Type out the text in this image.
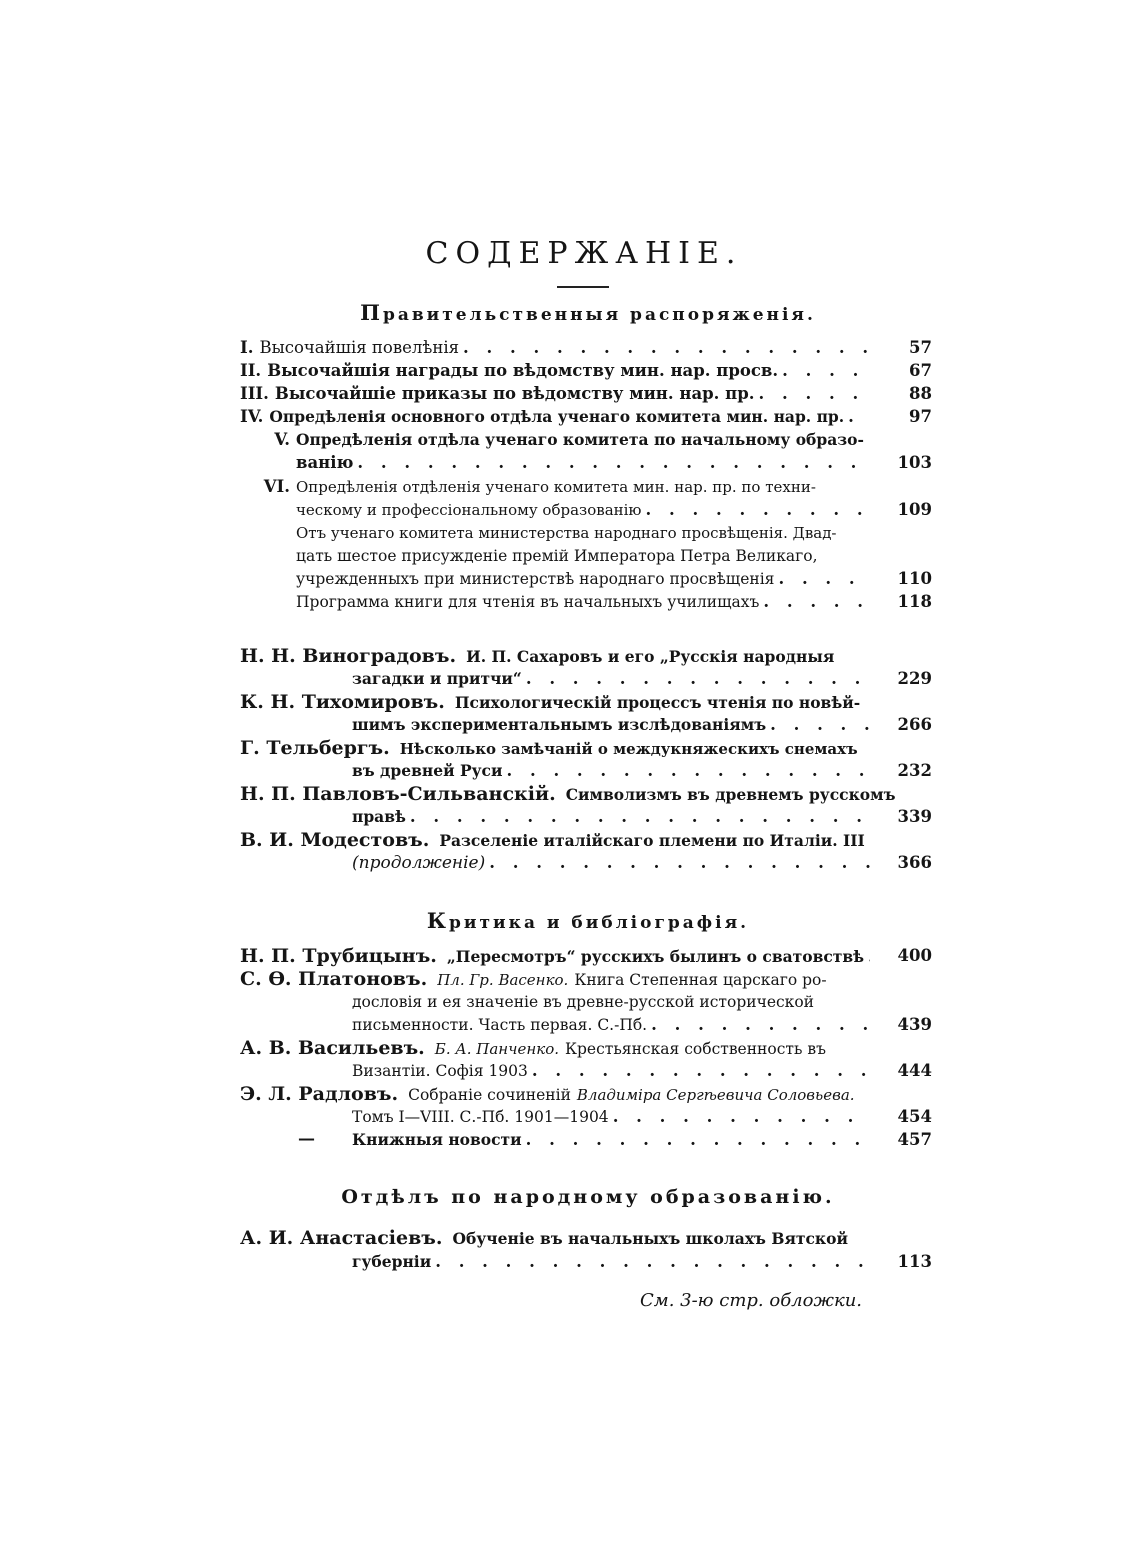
СОДЕРЖАНIЕ.
Правительственныя распоряженiя.
I. Высочайшiя повелѣнiя . . .	57
II. Высочайшiя награды по вѣдомству мин. нар. просв. . . .	67
III. Высочайшiе приказы по вѣдомству мин. нар. пр. . . .	88
IV. Опредѣленiя основного отдѣла ученаго комитета мин. нар. пр. . . .	97
V. Опредѣленiя отдѣла ученаго комитета по начальному образо-
ванiю . . .	103
VI. Опредѣленiя отдѣленiя ученаго комитета мин. нар. пр. по техни-
ческому и профессiональному образованiю . . .	109
Отъ ученаго комитета министерства народнаго просвѣщенiя. Двад-
цать шестое присужденiе премiй Императора Петра Великаго,
учрежденныхъ при министерствѣ народнаго просвѣщенiя . . .	110
Программа книги для чтенiя въ начальныхъ училищахъ . . .	118
Н. Н. Виноградовъ. И. П. Сахаровъ и его „Русскiя народныя
загадки и притчи“ . . .	229
К. Н. Тихомировъ. Психологическiй процессъ чтенiя по новѣй-
шимъ экспериментальнымъ изслѣдованiямъ . . .	266
Г. Тельбергъ. Нѣсколько замѣчанiй о междукняжескихъ снемахъ
въ древней Руси . . .	232
Н. П. Павловъ-Сильванскiй. Символизмъ въ древнемъ русскомъ
правѣ . . .	339
В. И. Модестовъ. Разселенiе италiйскаго племени по Италiи. III
(продолженiе) . . .	366
Критика и библiографiя.
Н. П. Трубицынъ. „Пересмотръ“ русскихъ былинъ о сватовствѣ . . .	400
С. Ѳ. Платоновъ. Пл. Гр. Васенко. Книга Степенная царскаго ро-
дословiя и ея значенiе въ древне-русской исторической
письменности. Часть первая. С.-Пб. . . .	439
А. В. Васильевъ. Б. А. Панченко. Крестьянская собственность въ
Византiи. Софiя 1903 . . .	444
Э. Л. Радловъ. Собранiе сочиненiй Владимiра Сергѣевича Соловьева.
Томъ I—VIII. С.-Пб. 1901—1904 . . .	454
— Книжныя новости . . .	457
Отдѣлъ по народному образованiю.
А. И. Анастасiевъ. Обученiе въ начальныхъ школахъ Вятской
губернiи . . .	113
См. 3-ю стр. обложки.
